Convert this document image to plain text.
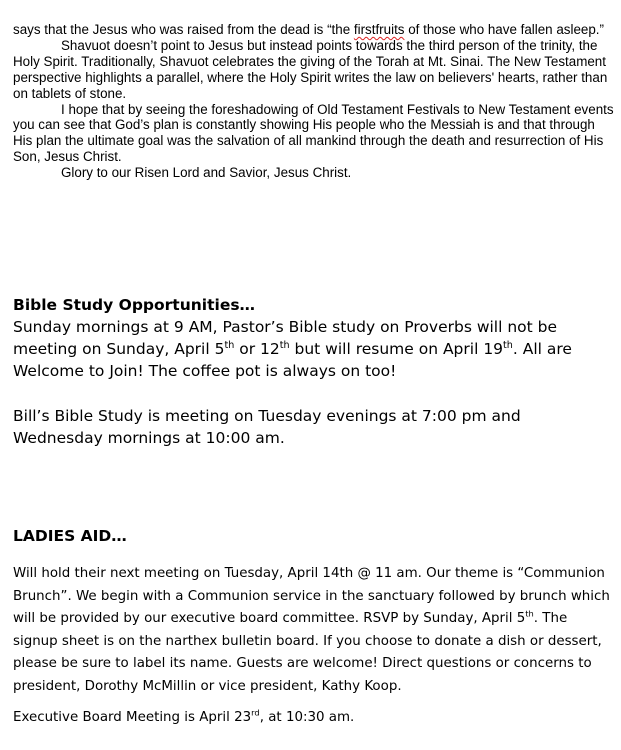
says that the Jesus who was raised from the dead is “the firstfruits of those who have fallen asleep.”

Shavuot doesn’t point to Jesus but instead points towards the third person of the trinity, the Holy Spirit. Traditionally, Shavuot celebrates the giving of the Torah at Mt. Sinai. The New Testament perspective highlights a parallel, where the Holy Spirit writes the law on believers' hearts, rather than on tablets of stone.

I hope that by seeing the foreshadowing of Old Testament Festivals to New Testament events you can see that God’s plan is constantly showing His people who the Messiah is and that through His plan the ultimate goal was the salvation of all mankind through the death and resurrection of His Son, Jesus Christ.

Glory to our Risen Lord and Savior, Jesus Christ.

Bible Study Opportunities…

Sunday mornings at 9 AM, Pastor’s Bible study on Proverbs will not be meeting on Sunday, April 5th or 12th but will resume on April 19th. All are Welcome to Join! The coffee pot is always on too!

Bill’s Bible Study is meeting on Tuesday evenings at 7:00 pm and Wednesday mornings at 10:00 am.

LADIES AID…

Will hold their next meeting on Tuesday, April 14th @ 11 am. Our theme is “Communion Brunch”. We begin with a Communion service in the sanctuary followed by brunch which will be provided by our executive board committee. RSVP by Sunday, April 5th. The signup sheet is on the narthex bulletin board. If you choose to donate a dish or dessert, please be sure to label its name. Guests are welcome! Direct questions or concerns to president, Dorothy McMillin or vice president, Kathy Koop.

Executive Board Meeting is April 23rd, at 10:30 am.
